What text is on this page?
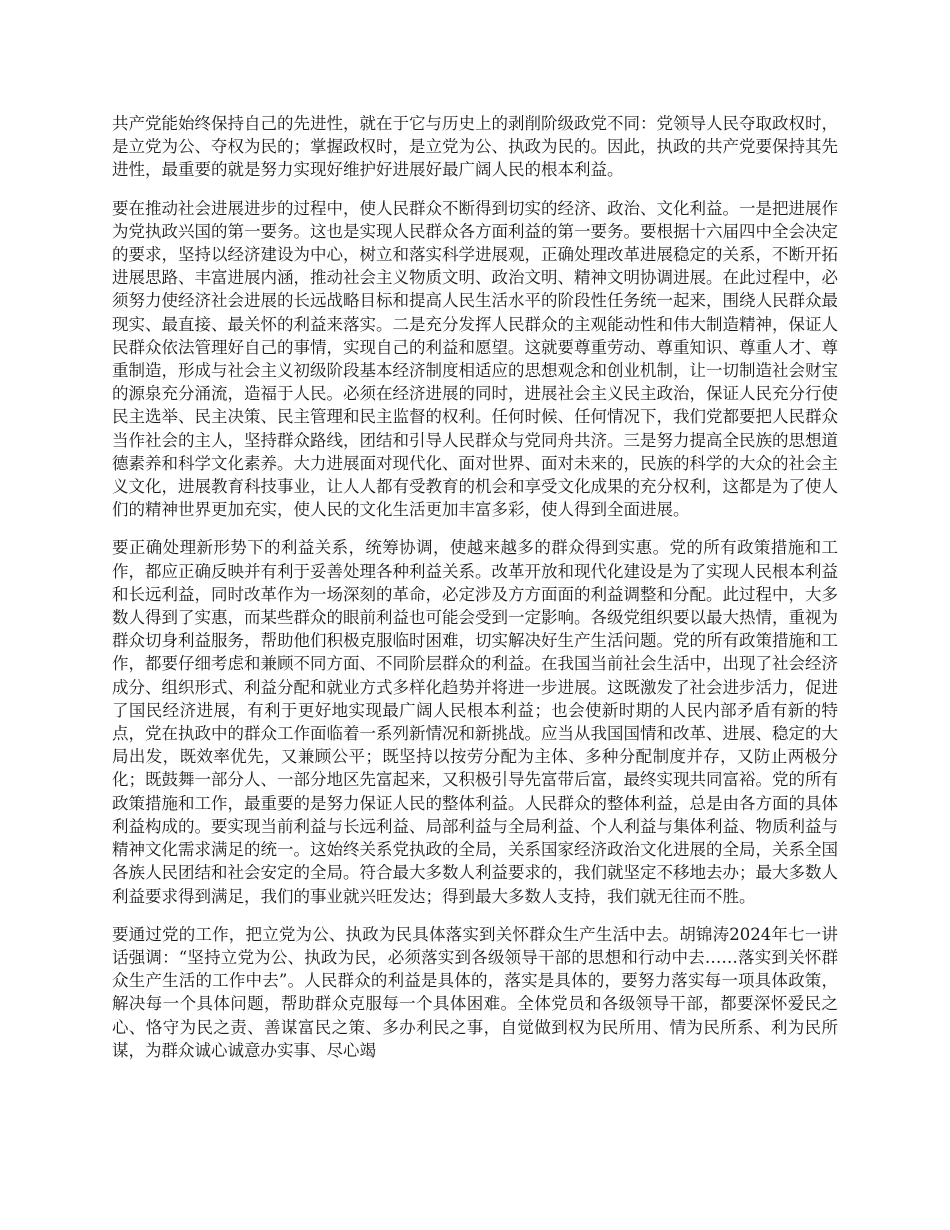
共产党能始终保持自己的先进性，就在于它与历史上的剥削阶级政党不同：党领导人民夺取政权时，是立党为公、夺权为民的；掌握政权时，是立党为公、执政为民的。因此，执政的共产党要保持其先进性，最重要的就是努力实现好维护好进展好最广阔人民的根本利益。

要在推动社会进展进步的过程中，使人民群众不断得到切实的经济、政治、文化利益。一是把进展作为党执政兴国的第一要务。这也是实现人民群众各方面利益的第一要务。要根据十六届四中全会决定的要求，坚持以经济建设为中心，树立和落实科学进展观，正确处理改革进展稳定的关系，不断开拓进展思路、丰富进展内涵，推动社会主义物质文明、政治文明、精神文明协调进展。在此过程中，必须努力使经济社会进展的长远战略目标和提高人民生活水平的阶段性任务统一起来，围绕人民群众最现实、最直接、最关怀的利益来落实。二是充分发挥人民群众的主观能动性和伟大制造精神，保证人民群众依法管理好自己的事情，实现自己的利益和愿望。这就要尊重劳动、尊重知识、尊重人才、尊重制造，形成与社会主义初级阶段基本经济制度相适应的思想观念和创业机制，让一切制造社会财宝的源泉充分涌流，造福于人民。必须在经济进展的同时，进展社会主义民主政治，保证人民充分行使民主选举、民主决策、民主管理和民主监督的权利。任何时候、任何情况下，我们党都要把人民群众当作社会的主人，坚持群众路线，团结和引导人民群众与党同舟共济。三是努力提高全民族的思想道德素养和科学文化素养。大力进展面对现代化、面对世界、面对未来的，民族的科学的大众的社会主义文化，进展教育科技事业，让人人都有受教育的机会和享受文化成果的充分权利，这都是为了使人们的精神世界更加充实，使人民的文化生活更加丰富多彩，使人得到全面进展。

要正确处理新形势下的利益关系，统筹协调，使越来越多的群众得到实惠。党的所有政策措施和工作，都应正确反映并有利于妥善处理各种利益关系。改革开放和现代化建设是为了实现人民根本利益和长远利益，同时改革作为一场深刻的革命，必定涉及方方面面的利益调整和分配。此过程中，大多数人得到了实惠，而某些群众的眼前利益也可能会受到一定影响。各级党组织要以最大热情，重视为群众切身利益服务，帮助他们积极克服临时困难，切实解决好生产生活问题。党的所有政策措施和工作，都要仔细考虑和兼顾不同方面、不同阶层群众的利益。在我国当前社会生活中，出现了社会经济成分、组织形式、利益分配和就业方式多样化趋势并将进一步进展。这既激发了社会进步活力，促进了国民经济进展，有利于更好地实现最广阔人民根本利益；也会使新时期的人民内部矛盾有新的特点，党在执政中的群众工作面临着一系列新情况和新挑战。应当从我国国情和改革、进展、稳定的大局出发，既效率优先，又兼顾公平；既坚持以按劳分配为主体、多种分配制度并存，又防止两极分化；既鼓舞一部分人、一部分地区先富起来，又积极引导先富带后富，最终实现共同富裕。党的所有政策措施和工作，最重要的是努力保证人民的整体利益。人民群众的整体利益，总是由各方面的具体利益构成的。要实现当前利益与长远利益、局部利益与全局利益、个人利益与集体利益、物质利益与精神文化需求满足的统一。这始终关系党执政的全局，关系国家经济政治文化进展的全局，关系全国各族人民团结和社会安定的全局。符合最大多数人利益要求的，我们就坚定不移地去办；最大多数人利益要求得到满足，我们的事业就兴旺发达；得到最大多数人支持，我们就无往而不胜。

要通过党的工作，把立党为公、执政为民具体落实到关怀群众生产生活中去。胡锦涛2024年七一讲话强调：“坚持立党为公、执政为民，必须落实到各级领导干部的思想和行动中去……落实到关怀群众生产生活的工作中去”。人民群众的利益是具体的，落实是具体的，要努力落实每一项具体政策，解决每一个具体问题，帮助群众克服每一个具体困难。全体党员和各级领导干部，都要深怀爱民之心、恪守为民之责、善谋富民之策、多办利民之事，自觉做到权为民所用、情为民所系、利为民所谋，为群众诚心诚意办实事、尽心竭
